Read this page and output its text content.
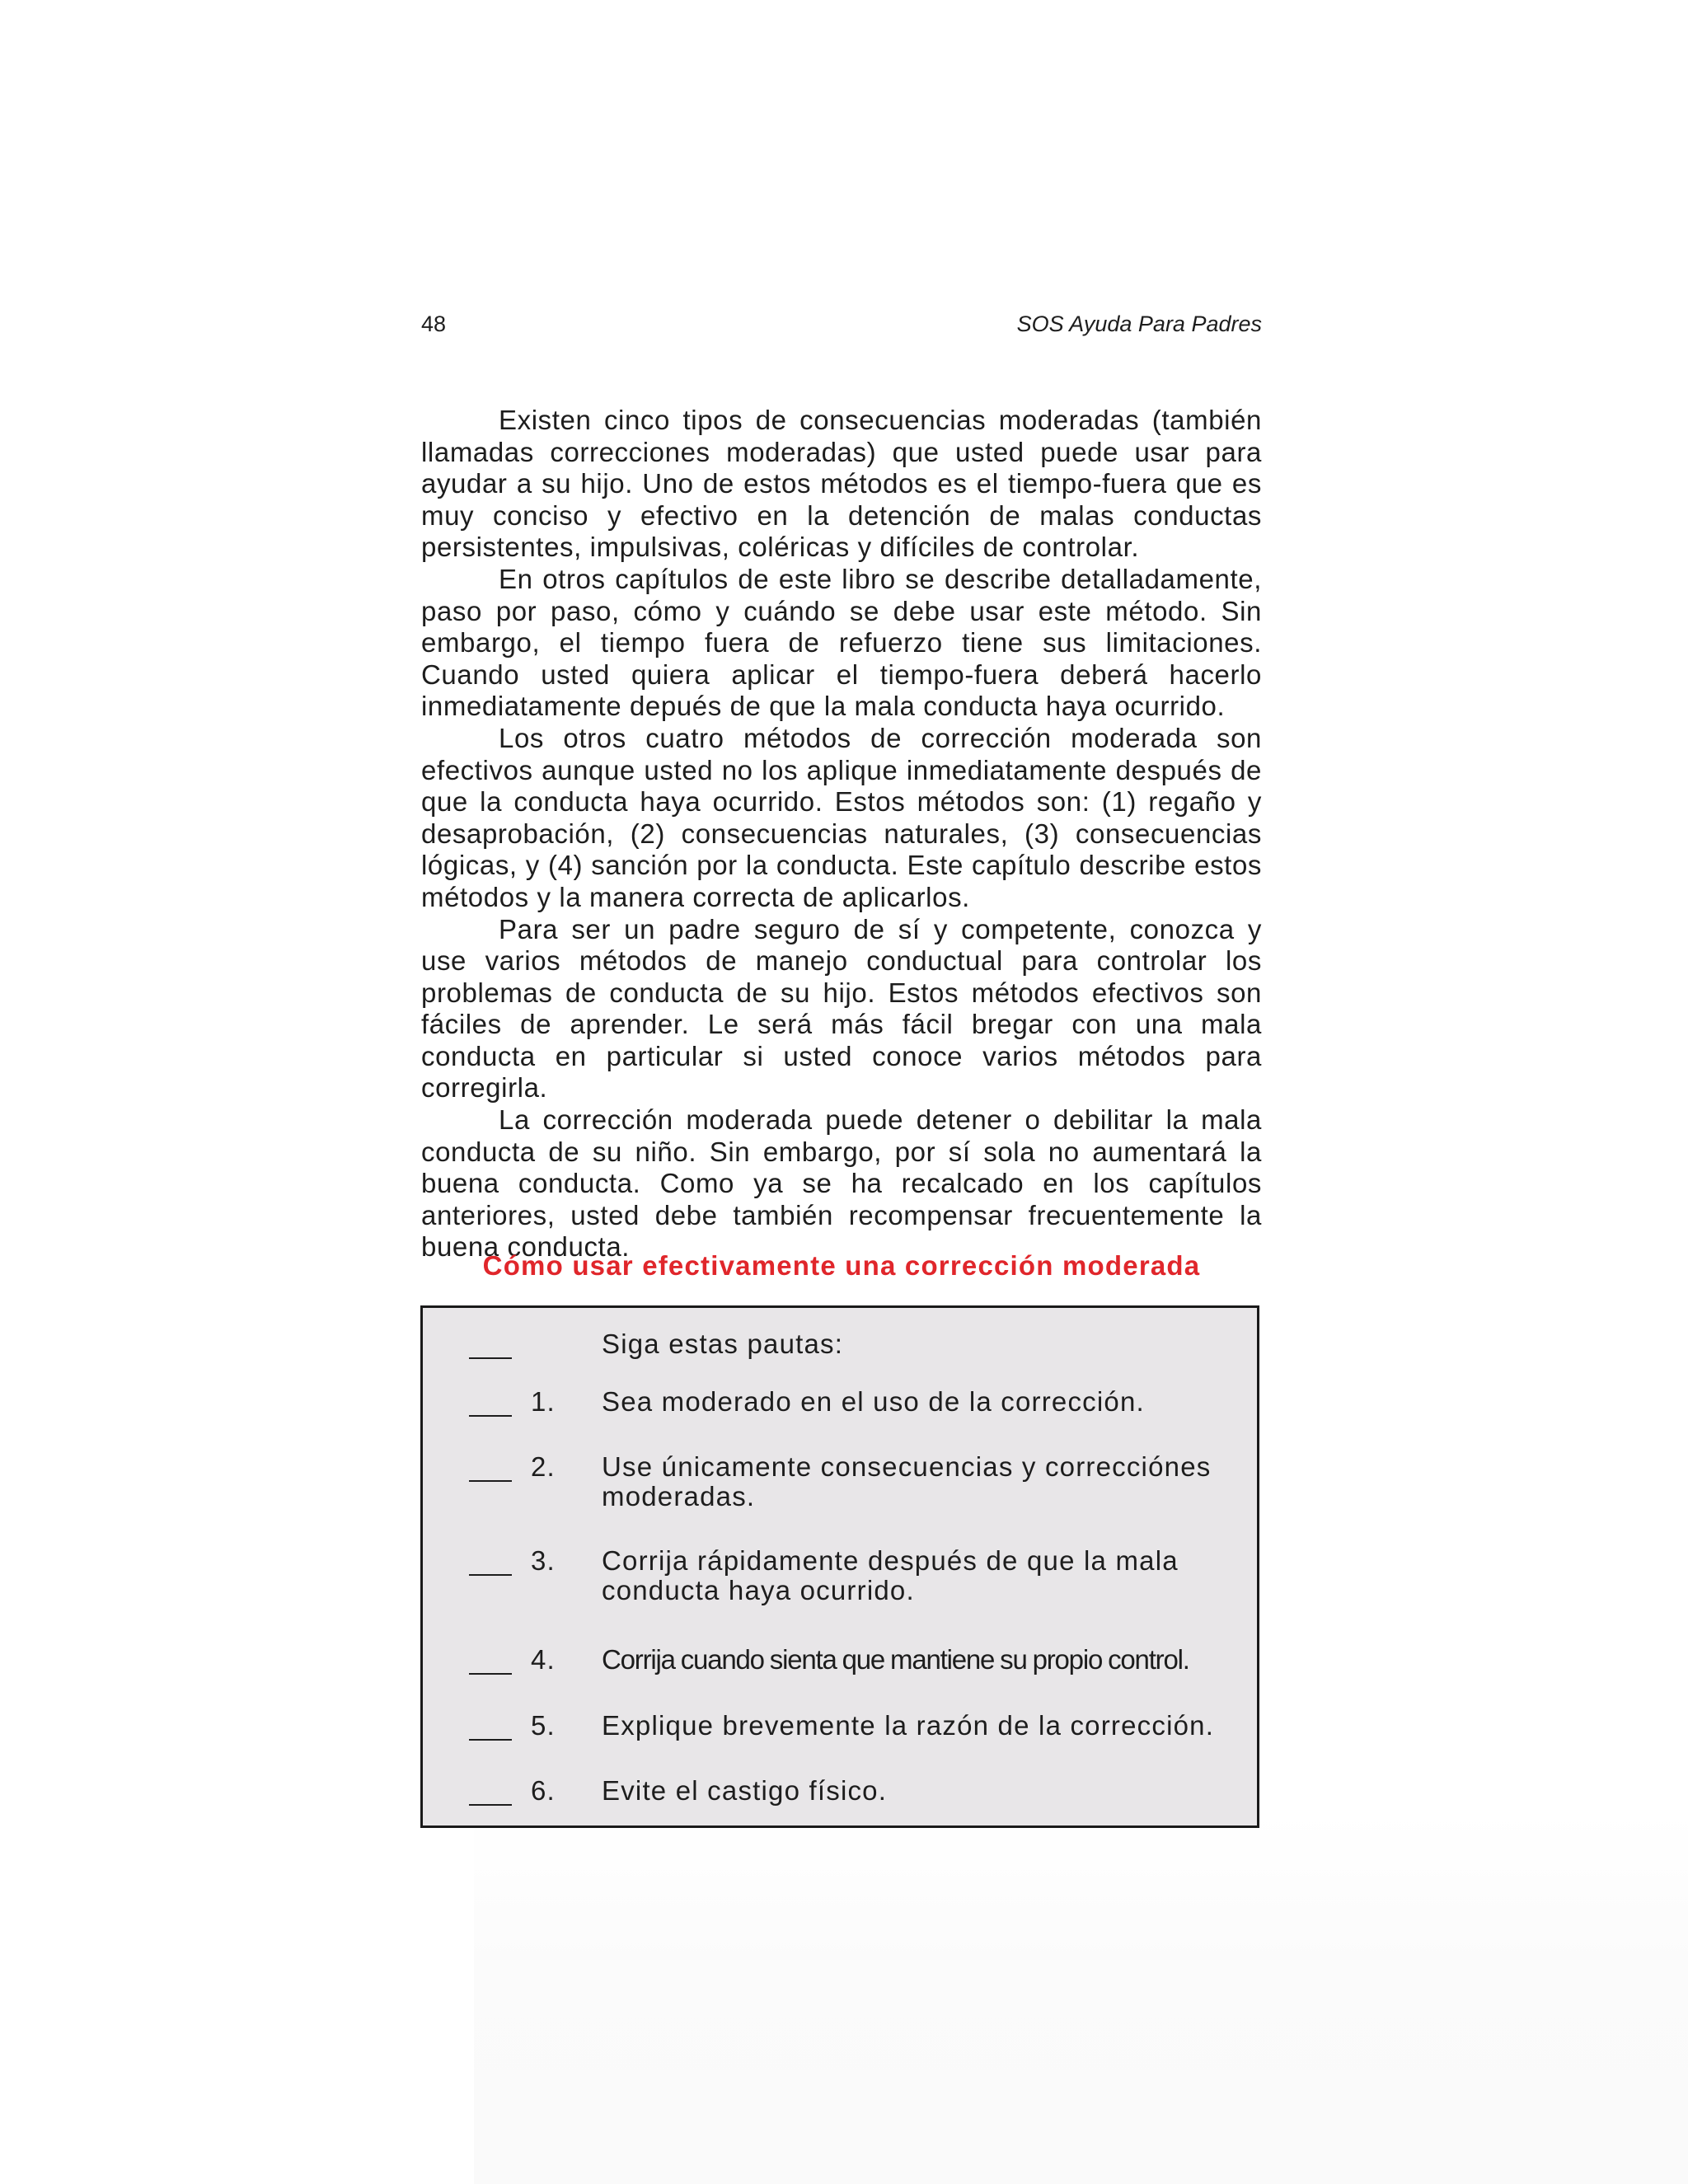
48	SOS Ayuda Para Padres

Existen cinco tipos de consecuencias moderadas (también llamadas correcciones moderadas) que usted puede usar para ayudar a su hijo. Uno de estos métodos es el tiempo-fuera que es muy conciso y efectivo en la detención de malas conductas persistentes, impulsivas, coléricas y difíciles de controlar.

En otros capítulos de este libro se describe detalladamente, paso por paso, cómo y cuándo se debe usar este método. Sin embargo, el tiempo fuera de refuerzo tiene sus limitaciones. Cuando usted quiera aplicar el tiempo-fuera deberá hacerlo inmediatamente depués de que la mala conducta haya ocurrido.

Los otros cuatro métodos de corrección moderada son efectivos aunque usted no los aplique inmediatamente después de que la conducta haya ocurrido. Estos métodos son: (1) regaño y desaprobación, (2) consecuencias naturales, (3) consecuencias lógicas, y (4) sanción por la conducta. Este capítulo describe estos métodos y la manera correcta de aplicarlos.

Para ser un padre seguro de sí y competente, conozca y use varios métodos de manejo conductual para controlar los problemas de conducta de su hijo. Estos métodos efectivos son fáciles de aprender. Le será más fácil bregar con una mala conducta en particular si usted conoce varios métodos para corregirla.

La corrección moderada puede detener o debilitar la mala conducta de su niño. Sin embargo, por sí sola no aumentará la buena conducta. Como ya se ha recalcado en los capítulos anteriores, usted debe también recompensar frecuentemente la buena conducta.

Cómo usar efectivamente una corrección moderada
Siga estas pautas:
1. Sea moderado en el uso de la corrección.
2. Use únicamente consecuencias y correcciónes moderadas.
3. Corrija rápidamente después de que la mala conducta haya ocurrido.
4. Corrija cuando sienta que mantiene su propio control.
5. Explique brevemente la razón de la corrección.
6. Evite el castigo físico.
